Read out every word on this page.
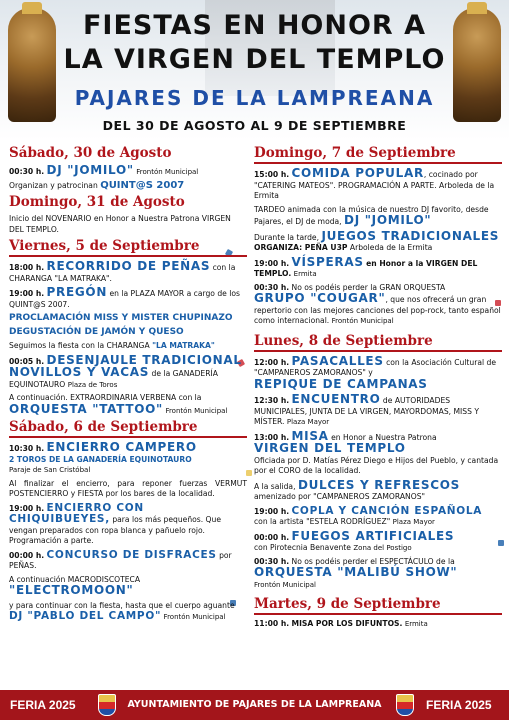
FIESTAS EN HONOR A
LA VIRGEN DEL TEMPLO
PAJARES DE LA LAMPREANA
DEL 30 DE AGOSTO AL 9 DE SEPTIEMBRE
Sábado, 30 de Agosto
00:30 h. DJ "JOMILO" Frontón Municipal
Organizan y patrocinan QUINT@S 2007
Domingo, 31 de Agosto
Inicio del NOVENARIO en Honor a Nuestra Patrona VIRGEN DEL TEMPLO.
Viernes, 5 de Septiembre
18:00 h. RECORRIDO DE PEÑAS con la CHARANGA "LA MATRAKA".
19:00 h. PREGÓN en la PLAZA MAYOR a cargo de los QUINT@S 2007.
PROCLAMACIÓN MISS Y MISTER CHUPINAZO
DEGUSTACIÓN DE JAMÓN Y QUESO
Seguimos la fiesta con la CHARANGA "LA MATRAKA"
00:05 h. DESENJAULE TRADICIONAL NOVILLOS Y VACAS de la GANADERÍA EQUINOTAURO Plaza de Toros
A continuación. EXTRAORDINARIA VERBENA con la ORQUESTA "TATTOO" Frontón Municipal
Sábado, 6 de Septiembre
10:30 h. ENCIERRO CAMPERO
2 TOROS DE LA GANADERÍA EQUINOTAURO
Paraje de San Cristóbal
Al finalizar el encierro, para reponer fuerzas VERMUT POSTENCIERRO y FIESTA por los bares de la localidad.
19:00 h. ENCIERRO CON CHIQUIBUEYES, para los más pequeños. Que vengan preparados con ropa blanca y pañuelo rojo. Programación a parte.
00:00 h. CONCURSO DE DISFRACES por PEÑAS.
A continuación MACRODISCOTECA "ELECTROMOON"
y para continuar con la fiesta, hasta que el cuerpo aguante DJ "PABLO DEL CAMPO" Frontón Municipal
Domingo, 7 de Septiembre
15:00 h. COMIDA POPULAR, cocinado por "CATERING MATEOS". PROGRAMACIÓN A PARTE. Arboleda de la Ermita
TARDEO animada con la música de nuestro DJ favorito, desde Pajares, el DJ de moda, DJ "JOMILO"
Durante la tarde, JUEGOS TRADICIONALES
ORGANIZA: PEÑA U3P Arboleda de la Ermita
19:00 h. VÍSPERAS en Honor a la VIRGEN DEL TEMPLO. Ermita
00:30 h. No os podéis perder la GRAN ORQUESTA
GRUPO "COUGAR", que nos ofrecerá un gran repertorio con las mejores canciones del pop-rock, tanto español como internacional. Frontón Municipal
Lunes, 8 de Septiembre
12:00 h. PASACALLES con la Asociación Cultural de "CAMPANEROS ZAMORANOS" y
REPIQUE DE CAMPANAS
12:30 h. ENCUENTRO de AUTORIDADES MUNICIPALES, JUNTA DE LA VIRGEN, MAYORDOMAS, MISS Y MÍSTER. Plaza Mayor
13:00 h. MISA en Honor a Nuestra Patrona
VIRGEN DEL TEMPLO
Oficiada por D. Matías Pérez Diego e Hijos del Pueblo, y cantada por el CORO de la localidad.
A la salida, DULCES Y REFRESCOS
amenizado por "CAMPANEROS ZAMORANOS"
19:00 h. COPLA Y CANCIÓN ESPAÑOLA
con la artista "ESTELA RODRÍGUEZ" Plaza Mayor
00:00 h. FUEGOS ARTIFICIALES
con Pirotecnia Benavente Zona del Postigo
00:30 h. No os podéis perder el ESPECTÁCULO de la
ORQUESTA "MALIBÚ SHOW"
Frontón Municipal
Martes, 9 de Septiembre
11:00 h. MISA POR LOS DIFUNTOS. Ermita
FERIA 2025	AYUNTAMIENTO DE PAJARES DE LA LAMPREANA	FERIA 2025
